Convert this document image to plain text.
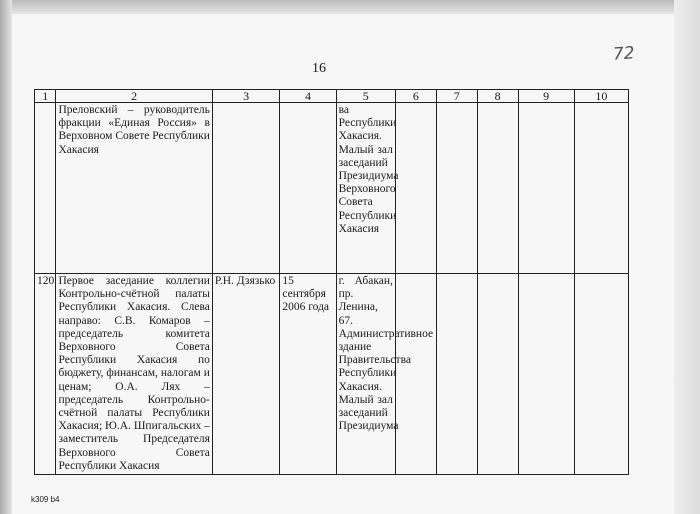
16
72
1	2	3	4	5	6	7	8	9	10
	Преловский – руководитель фракции «Единая Россия» в Верховном Совете Республики Хакасия			ва Республики Хакасия. Малый зал заседаний Президиума Верховного Совета Республики Хакасия					
120	Первое заседание коллегии Контрольно-счётной палаты Республики Хакасия. Слева направо: С.В. Комаров – председатель комитета Верховного Совета Республики Хакасия по бюджету, финансам, налогам и ценам; О.А. Лях – председатель Контрольно-счётной палаты Республики Хакасия; Ю.А. Шпигальских – заместитель Председателя Верховного Совета Республики Хакасия	Р.Н. Дзязько	15 сентября 2006 года	г. Абакан, пр. Ленина, 67. Административное здание Правительства Республики Хакасия. Малый зал заседаний Президиума					
k309 b4
